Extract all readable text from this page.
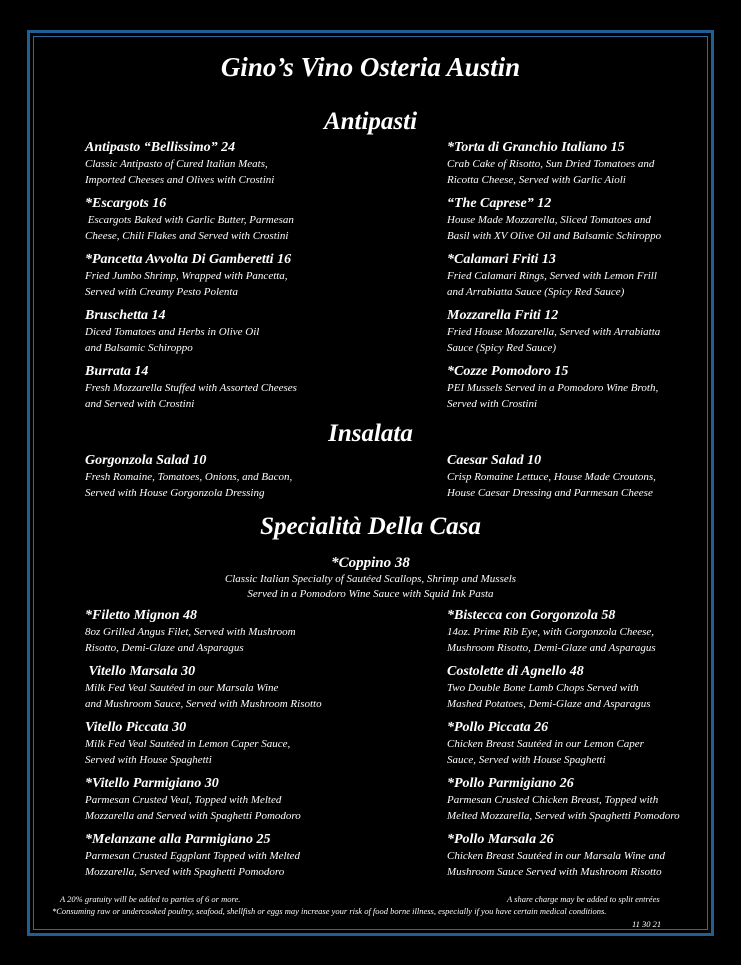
Gino’s Vino Osteria Austin
Antipasti
Insalata
Specialità Della Casa
*Coppino 38
Classic Italian Specialty of Sautéed Scallops, Shrimp and Mussels
Served in a Pomodoro Wine Sauce with Squid Ink Pasta
Antipasto “Bellissimo” 24
Classic Antipasto of Cured Italian Meats,
Imported Cheeses and Olives with Crostini
*Escargots 16
Escargots Baked with Garlic Butter, Parmesan
Cheese, Chili Flakes and Served with Crostini
*Pancetta Avvolta Di Gamberetti 16
Fried Jumbo Shrimp, Wrapped with Pancetta,
Served with Creamy Pesto Polenta
Bruschetta 14
Diced Tomatoes and Herbs in Olive Oil
and Balsamic Schiroppo
Burrata 14
Fresh Mozzarella Stuffed with Assorted Cheeses
and Served with Crostini
*Torta di Granchio Italiano 15
Crab Cake of Risotto, Sun Dried Tomatoes and
Ricotta Cheese, Served with Garlic Aioli
“The Caprese” 12
House Made Mozzarella, Sliced Tomatoes and
Basil with XV Olive Oil and Balsamic Schiroppo
*Calamari Friti 13
Fried Calamari Rings, Served with Lemon Frill
and Arrabiatta Sauce (Spicy Red Sauce)
Mozzarella Friti 12
Fried House Mozzarella, Served with Arrabiatta
Sauce (Spicy Red Sauce)
*Cozze Pomodoro 15
PEI Mussels Served in a Pomodoro Wine Broth,
Served with Crostini
Gorgonzola Salad 10
Fresh Romaine, Tomatoes, Onions, and Bacon,
Served with House Gorgonzola Dressing
Caesar Salad 10
Crisp Romaine Lettuce, House Made Croutons,
House Caesar Dressing and Parmesan Cheese
*Filetto Mignon 48
8oz Grilled Angus Filet, Served with Mushroom
Risotto, Demi-Glaze and Asparagus
Vitello Marsala 30
Milk Fed Veal Sautéed in our Marsala Wine
and Mushroom Sauce, Served with Mushroom Risotto
Vitello Piccata 30
Milk Fed Veal Sautéed in Lemon Caper Sauce,
Served with House Spaghetti
*Vitello Parmigiano 30
Parmesan Crusted Veal, Topped with Melted
Mozzarella and Served with Spaghetti Pomodoro
*Melanzane alla Parmigiano 25
Parmesan Crusted Eggplant Topped with Melted
Mozzarella, Served with Spaghetti Pomodoro
*Bistecca con Gorgonzola 58
14oz. Prime Rib Eye, with Gorgonzola Cheese,
Mushroom Risotto, Demi-Glaze and Asparagus
Costolette di Agnello 48
Two Double Bone Lamb Chops Served with
Mashed Potatoes, Demi-Glaze and Asparagus
*Pollo Piccata 26
Chicken Breast Sautéed in our Lemon Caper
Sauce, Served with House Spaghetti
*Pollo Parmigiano 26
Parmesan Crusted Chicken Breast, Topped with
Melted Mozzarella, Served with Spaghetti Pomodoro
*Pollo Marsala 26
Chicken Breast Sautéed in our Marsala Wine and
Mushroom Sauce Served with Mushroom Risotto
A 20% gratuity will be added to parties of 6 or more.	A share charge may be added to split entrées
*Consuming raw or undercooked poultry, seafood, shellfish or eggs may increase your risk of food borne illness, especially if you have certain medical conditions.
11 30 21
